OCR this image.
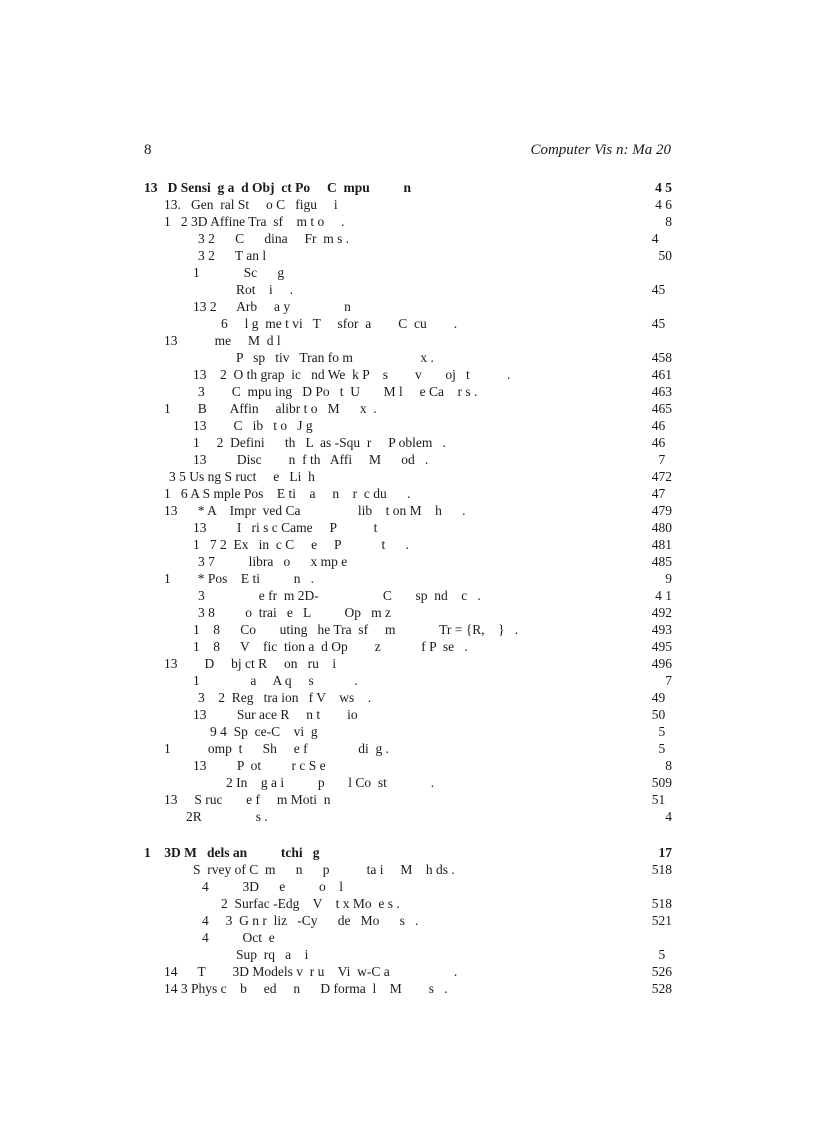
8	Computer Vis n: Ma 20
13   D Sensi  g a  d Obj  ct Po     C  mpu          n	4 5
13.   Gen  ral St     o C   figu     i	4 6
1   2 3D Affine Tra  sf    m t o     .	8
3 2      C      dina     Fr  m s .	4
3 2      T an l	50
1             Sc      g
Rot    i     .	45
13 2      Arb     a y                n
6     l g  me t vi   T     sfor  a        C  cu        .	45
13           me     M  d l
P   sp   tiv   Tran fo m                    x .	458
13    2  O th grap  ic   nd We  k P    s        v       oj   t           .	461
3        C  mpu ing   D Po   t  U       M l     e Ca    r s .	463
1        B       Affin     alibr t o   M      x  .	465
13        C   ib   t o   J g	46
1     2  Defini      th   L  as -Squ  r     P oblem   .	46
13         Disc        n  f th   Affi     M      od   .	7
3 5 Us ng S ruct     e   Li  h	472
1   6 A S mple Pos    E ti    a     n    r  c du      .	47
13      * A    Impr  ved Ca                 lib    t on M    h      .	479
13         I   ri s c Came     P           t	480
1   7 2  Ex   in  c C     e     P            t      .	481
3 7          libra   o      x mp e	485
1        * Pos    E ti          n   .	9
3                e fr  m 2D-                   C       sp  nd    c   .	4 1
3 8         o  trai   e   L          Op   m z	492
1    8      Co       uting   he Tra  sf     m             Tr = {R,    }   .	493
1    8      V    fic  tion a  d Op        z            f P  se   .	495
13        D     bj ct R     on   ru    i	496
1               a     A q     s            .	7
3    2  Reg   tra ion   f V    ws    .	49
13         Sur ace R     n t        io	50
9 4  Sp  ce-C    vi  g	5
1           omp  t      Sh     e f               di  g .	5
13         P  ot         r c S e	8
2 In    g a i          p       l Co  st             .	509
13     S ruc       e f     m Moti  n	51
2R                s .	4
1    3D M   dels an          tchi   g	17
S  rvey of C  m      n      p           ta i     M    h ds .	518
4          3D      e          o    l
2  Surfac -Edg    V    t x Mo  e s .	518
4     3  G n r  liz   -Cy      de   Mo      s   .	521
4          Oct  e
Sup  rq   a    i	5
14      T        3D Models v  r u    Vi  w-C a                   .	526
14 3 Phys c    b     ed     n      D forma  l    M        s   .	528
